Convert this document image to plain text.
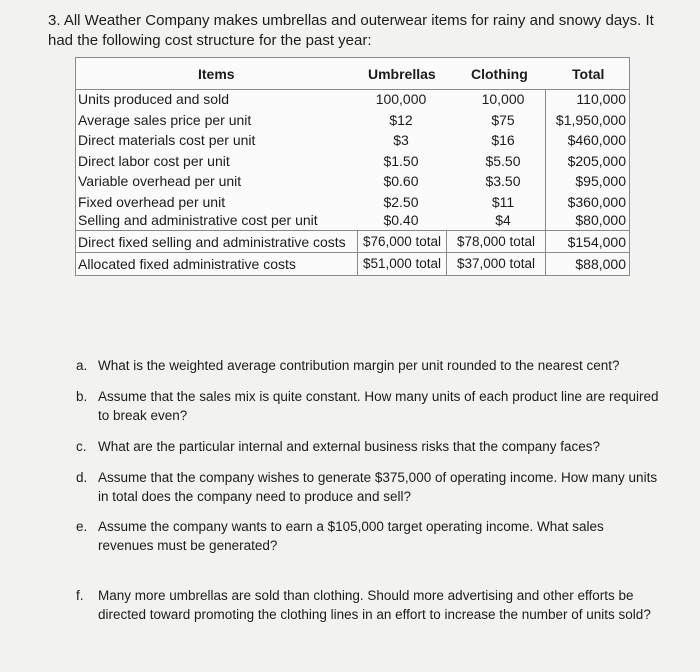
3. All Weather Company makes umbrellas and outerwear items for rainy and snowy days. It had the following cost structure for the past year:
Items	Umbrellas	Clothing	Total
Units produced and sold	100,000	10,000	110,000
Average sales price per unit	$12	$75	$1,950,000
Direct materials cost per unit	$3	$16	$460,000
Direct labor cost per unit	$1.50	$5.50	$205,000
Variable overhead per unit	$0.60	$3.50	$95,000
Fixed overhead per unit	$2.50	$11	$360,000
Selling and administrative cost per unit	$0.40	$4	$80,000
Direct fixed selling and administrative costs $76,000 total	$78,000 total	$154,000
Allocated fixed administrative costs	$51,000 total	$37,000 total	$88,000
a. What is the weighted average contribution margin per unit rounded to the nearest cent?
b. Assume that the sales mix is quite constant. How many units of each product line are required to break even?
c. What are the particular internal and external business risks that the company faces?
d. Assume that the company wishes to generate $375,000 of operating income. How many units in total does the company need to produce and sell?
e. Assume the company wants to earn a $105,000 target operating income. What sales revenues must be generated?
f. Many more umbrellas are sold than clothing. Should more advertising and other efforts be directed toward promoting the clothing lines in an effort to increase the number of units sold?
